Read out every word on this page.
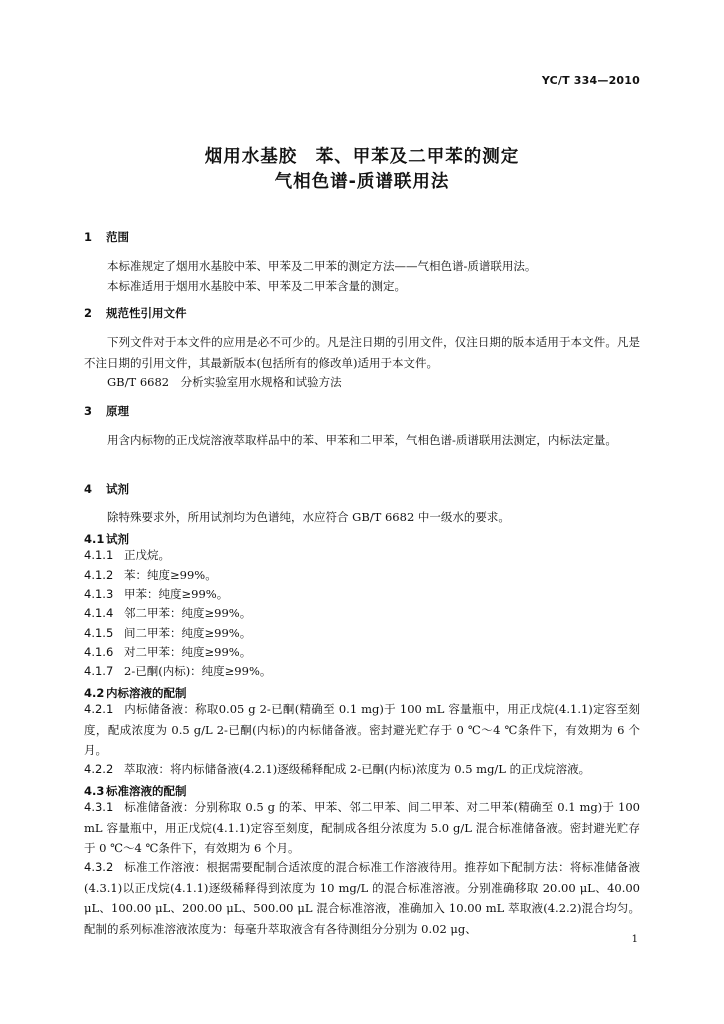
YC/T 334—2010
烟用水基胶　苯、甲苯及二甲苯的测定
气相色谱-质谱联用法
1 范围
本标准规定了烟用水基胶中苯、甲苯及二甲苯的测定方法——气相色谱-质谱联用法。
本标准适用于烟用水基胶中苯、甲苯及二甲苯含量的测定。
2 规范性引用文件
下列文件对于本文件的应用是必不可少的。凡是注日期的引用文件，仅注日期的版本适用于本文件。凡是不注日期的引用文件，其最新版本(包括所有的修改单)适用于本文件。
GB/T 6682　分析实验室用水规格和试验方法
3 原理
用含内标物的正戊烷溶液萃取样品中的苯、甲苯和二甲苯，气相色谱-质谱联用法测定，内标法定量。
4 试剂
除特殊要求外，所用试剂均为色谱纯，水应符合 GB/T 6682 中一级水的要求。
4.1 试剂
4.1.1 正戊烷。
4.1.2 苯：纯度≥99%。
4.1.3 甲苯：纯度≥99%。
4.1.4 邻二甲苯：纯度≥99%。
4.1.5 间二甲苯：纯度≥99%。
4.1.6 对二甲苯：纯度≥99%。
4.1.7 2-已酮(内标)：纯度≥99%。
4.2 内标溶液的配制
4.2.1 内标储备液：称取0.05 g 2-已酮(精确至 0.1 mg)于 100 mL 容量瓶中，用正戊烷(4.1.1)定容至刻度，配成浓度为 0.5 g/L 2-已酮(内标)的内标储备液。密封避光贮存于 0 ℃～4 ℃条件下，有效期为 6 个月。
4.2.2 萃取液：将内标储备液(4.2.1)逐级稀释配成 2-已酮(内标)浓度为 0.5 mg/L 的正戊烷溶液。
4.3 标准溶液的配制
4.3.1 标准储备液：分别称取 0.5 g 的苯、甲苯、邻二甲苯、间二甲苯、对二甲苯(精确至 0.1 mg)于 100 mL 容量瓶中，用正戊烷(4.1.1)定容至刻度，配制成各组分浓度为 5.0 g/L 混合标准储备液。密封避光贮存于 0 ℃～4 ℃条件下，有效期为 6 个月。
4.3.2 标准工作溶液：根据需要配制合适浓度的混合标准工作溶液待用。推荐如下配制方法：将标准储备液(4.3.1)以正戊烷(4.1.1)逐级稀释得到浓度为 10 mg/L 的混合标准溶液。分别准确移取 20.00 μL、40.00 μL、100.00 μL、200.00 μL、500.00 μL 混合标准溶液，准确加入 10.00 mL 萃取液(4.2.2)混合均匀。配制的系列标准溶液浓度为：每毫升萃取液含有各待测组分分别为 0.02 μg、
1
